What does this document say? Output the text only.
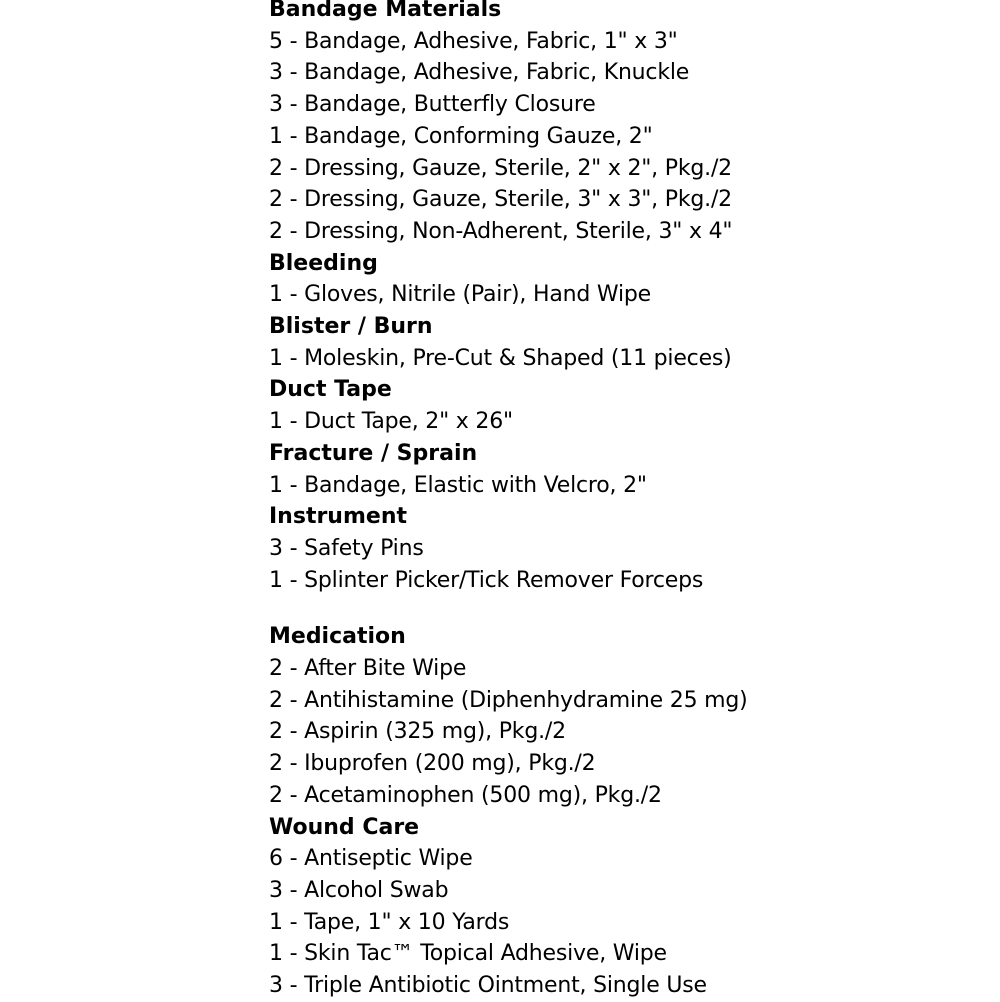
Bandage Materials
5 - Bandage, Adhesive, Fabric, 1" x 3"
3 - Bandage, Adhesive, Fabric, Knuckle
3 - Bandage, Butterfly Closure
1 - Bandage, Conforming Gauze, 2"
2 - Dressing, Gauze, Sterile, 2" x 2", Pkg./2
2 - Dressing, Gauze, Sterile, 3" x 3", Pkg./2
2 - Dressing, Non-Adherent, Sterile, 3" x 4"
Bleeding
1 - Gloves, Nitrile (Pair), Hand Wipe
Blister / Burn
1 - Moleskin, Pre-Cut & Shaped (11 pieces)
Duct Tape
1 - Duct Tape, 2" x 26"
Fracture / Sprain
1 - Bandage, Elastic with Velcro, 2"
Instrument
3 - Safety Pins
1 - Splinter Picker/Tick Remover Forceps
Medication
2 - After Bite Wipe
2 - Antihistamine (Diphenhydramine 25 mg)
2 - Aspirin (325 mg), Pkg./2
2 - Ibuprofen (200 mg), Pkg./2
2 - Acetaminophen (500 mg), Pkg./2
Wound Care
6 - Antiseptic Wipe
3 - Alcohol Swab
1 - Tape, 1" x 10 Yards
1 - Skin Tac™ Topical Adhesive, Wipe
3 - Triple Antibiotic Ointment, Single Use
